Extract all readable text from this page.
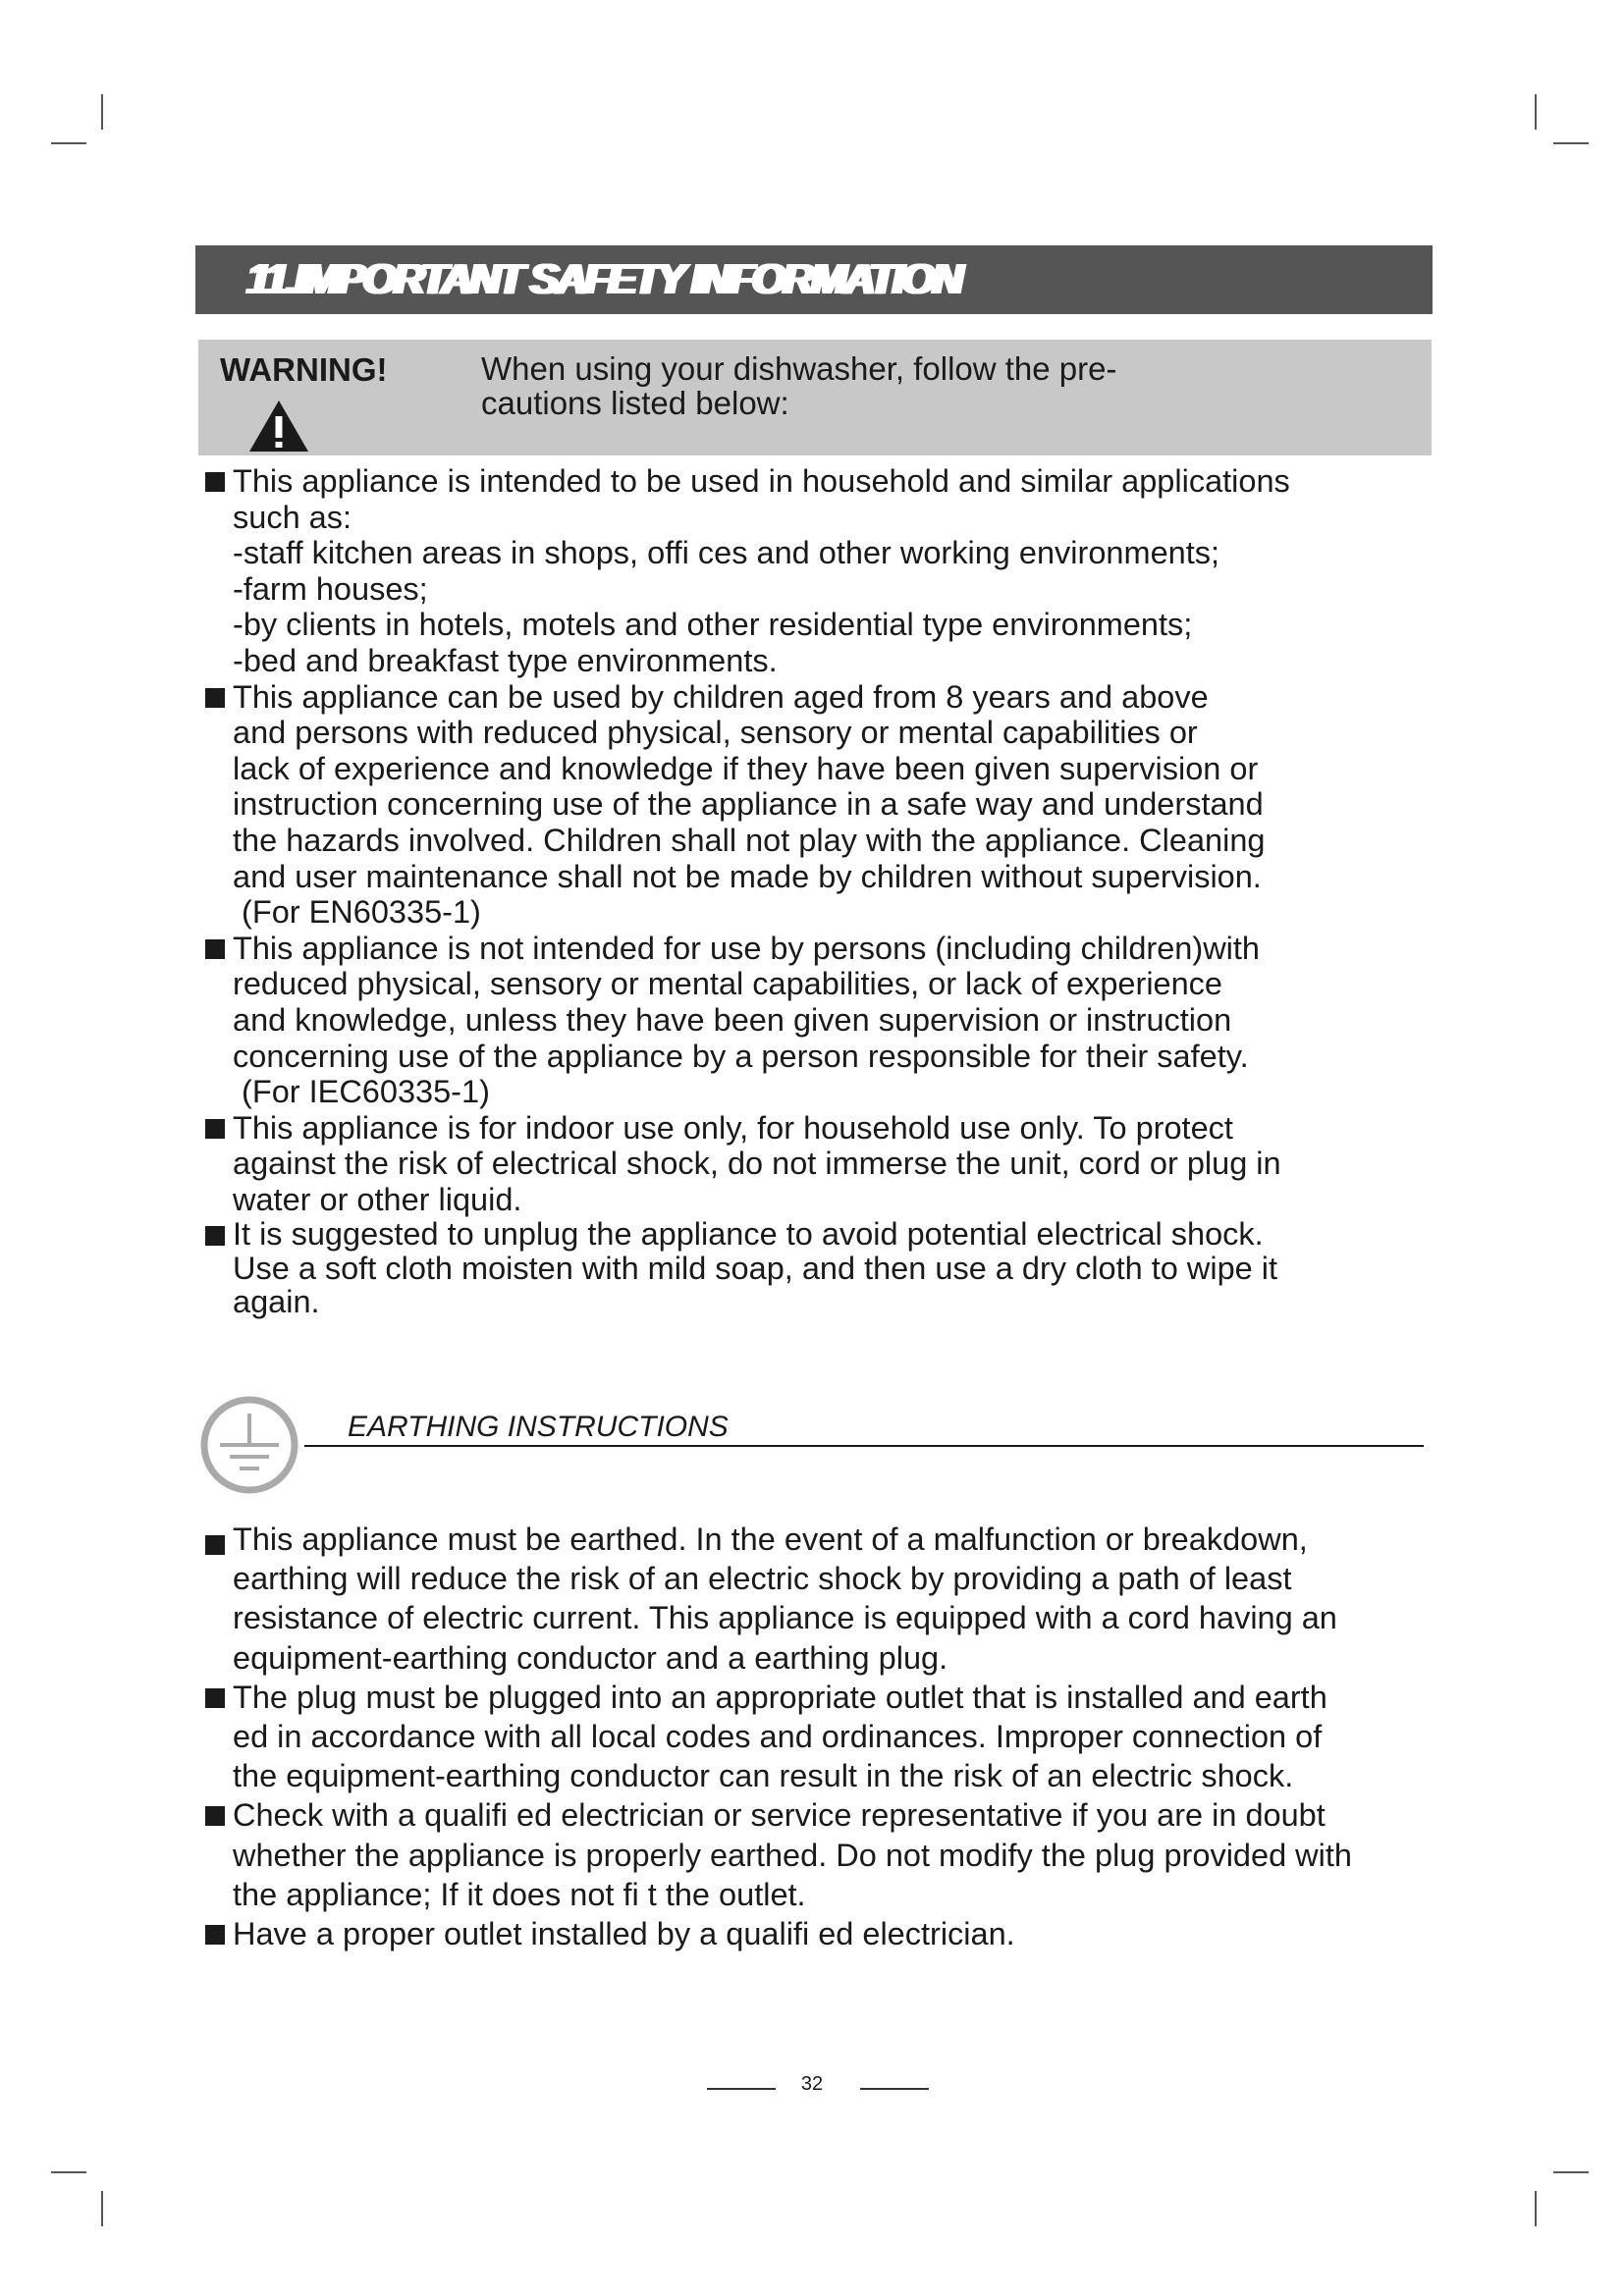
11.IMPORTANT SAFETY INFORMATION
WARNING!	When using your dishwasher, follow the pre-
cautions listed below:
This appliance is intended to be used in household and similar applications
such as:
-staff kitchen areas in shops, offi ces and other working environments;
-farm houses;
-by clients in hotels, motels and other residential type environments;
-bed and breakfast type environments.
This appliance can be used by children aged from 8 years and above
and persons with reduced physical, sensory or mental capabilities or
lack of experience and knowledge if they have been given supervision or
instruction concerning use of the appliance in a safe way and understand
the hazards involved. Children shall not play with the appliance. Cleaning
and user maintenance shall not be made by children without supervision.
(For EN60335-1)
This appliance is not intended for use by persons (including children)with
reduced physical, sensory or mental capabilities, or lack of experience
and knowledge, unless they have been given supervision or instruction
concerning use of the appliance by a person responsible for their safety.
(For IEC60335-1)
This appliance is for indoor use only, for household use only. To protect
against the risk of electrical shock, do not immerse the unit, cord or plug in
water or other liquid.
It is suggested to unplug the appliance to avoid potential electrical shock.
Use a soft cloth moisten with mild soap, and then use a dry cloth to wipe it
again.
EARTHING INSTRUCTIONS
This appliance must be earthed. In the event of a malfunction or breakdown,
earthing will reduce the risk of an electric shock by providing a path of least
resistance of electric current. This appliance is equipped with a cord having an
equipment-earthing conductor and a earthing plug.
The plug must be plugged into an appropriate outlet that is installed and earth
ed in accordance with all local codes and ordinances. Improper connection of
the equipment-earthing conductor can result in the risk of an electric shock.
Check with a qualifi ed electrician or service representative if you are in doubt
whether the appliance is properly earthed. Do not modify the plug provided with
the appliance; If it does not fi t the outlet.
Have a proper outlet installed by a qualifi ed electrician.
32
